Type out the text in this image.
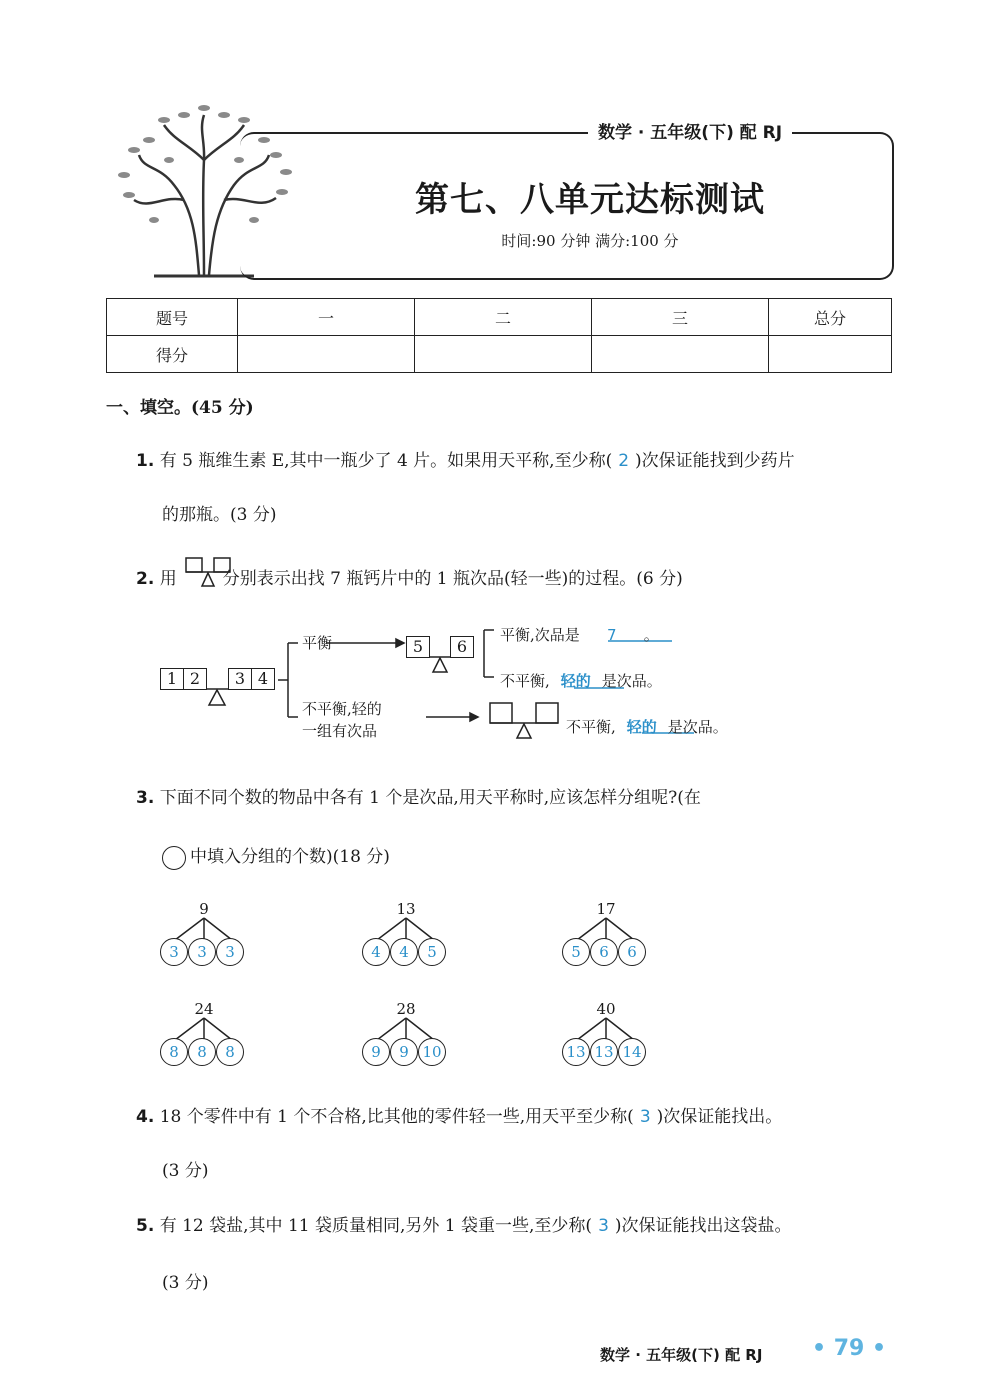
数学 · 五年级(下) 配 RJ
第七、八单元达标测试
时间:90 分钟 满分:100 分
题号	一	二	三	总分
得分				
一、填空。(45 分)
1. 有 5 瓶维生素 E,其中一瓶少了 4 片。如果用天平称,至少称( 2 )次保证能找到少药片
的那瓶。(3 分)
2. 用	分别表示出找 7 瓶钙片中的 1 瓶次品(轻一些)的过程。(6 分)
1 2	3 4
平衡	5	6
平衡,次品是 7 。
不平衡, 轻的 是次品。
不平衡,轻的
一组有次品	不平衡, 轻的 是次品。
3. 下面不同个数的物品中各有 1 个是次品,用天平称时,应该怎样分组呢?(在
中填入分组的个数)(18 分)
9
3	3	3
13
4	4	5
17
5	6	6
24
8	8	8
28
9	9 10
40
13 13 14
4. 18 个零件中有 1 个不合格,比其他的零件轻一些,用天平至少称( 3 )次保证能找出。
(3 分)
5. 有 12 袋盐,其中 11 袋质量相同,另外 1 袋重一些,至少称( 3 )次保证能找出这袋盐。
(3 分)
数学 · 五年级(下) 配 RJ • 79 •
